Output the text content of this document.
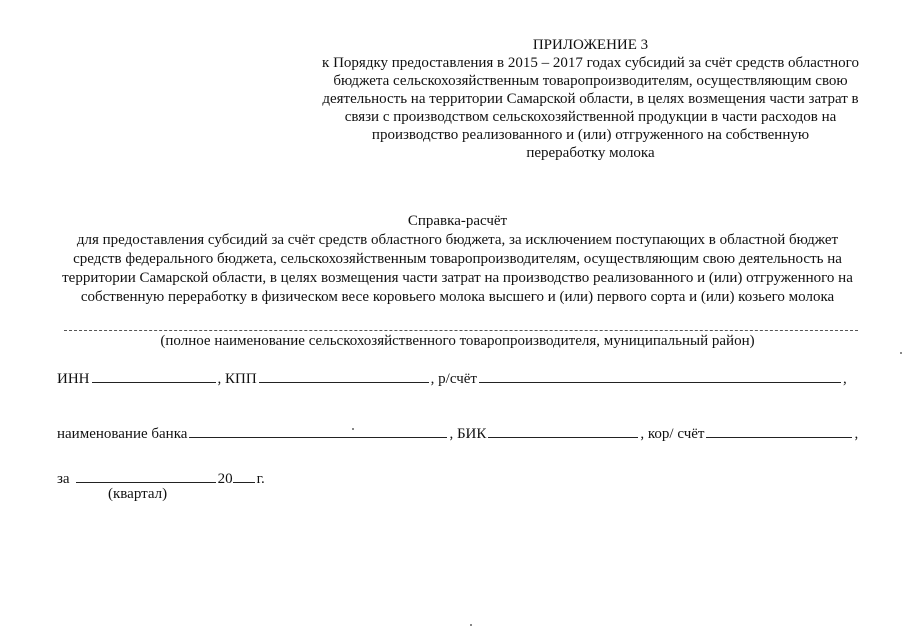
ПРИЛОЖЕНИЕ 3
к Порядку предоставления в 2015 – 2017 годах субсидий за счёт средств областного
бюджета сельскохозяйственным товаропроизводителям, осуществляющим свою
деятельность на территории Самарской области, в целях возмещения части затрат в
связи с производством сельскохозяйственной продукции в части расходов на
производство реализованного и (или) отгруженного на собственную
переработку молока
Справка-расчёт
для предоставления субсидий за счёт средств областного бюджета, за исключением поступающих в областной бюджет
средств федерального бюджета, сельскохозяйственным товаропроизводителям, осуществляющим свою деятельность на
территории Самарской области, в целях возмещения части затрат на производство реализованного и (или) отгруженного на
собственную переработку в физическом весе коровьего молока высшего и (или) первого сорта и (или) козьего молока
(полное наименование сельскохозяйственного товаропроизводителя, муниципальный район)
ИНН	, КПП	, р/счёт	,
наименование банка	, БИК	, кор/ счёт	,
за	20 г.
(квартал)
